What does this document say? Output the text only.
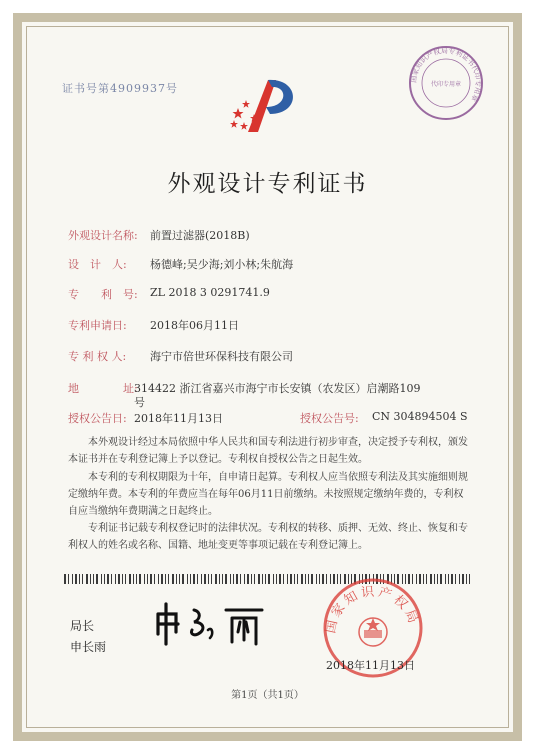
证书号第4909937号
国家知识产权局专利证书代印专用章
代印专用章
外观设计专利证书
外观设计名称: 前置过滤器(2018B)
设　计　人: 杨德峰;吴少海;刘小林;朱航海
专　　利　号: ZL 2018 3 0291741.9
专利申请日: 2018年06月11日
专 利 权 人: 海宁市倍世环保科技有限公司
地　　　　址:
314422 浙江省嘉兴市海宁市长安镇（农发区）启潮路109
号
授权公告日: 2018年11月13日	授权公告号: CN 304894504 S
本外观设计经过本局依照中华人民共和国专利法进行初步审查，决定授予专利权，颁发本证书并在专利登记簿上予以登记。专利权自授权公告之日起生效。
本专利的专利权期限为十年，自申请日起算。专利权人应当依照专利法及其实施细则规定缴纳年费。本专利的年费应当在每年06月11日前缴纳。未按照规定缴纳年费的，专利权自应当缴纳年费期满之日起终止。
专利证书记载专利权登记时的法律状况。专利权的转移、质押、无效、终止、恢复和专利权人的姓名或名称、国籍、地址变更等事项记载在专利登记簿上。
局长
申长雨
国家知识产权局
2018年11月13日
第1页（共1页）
